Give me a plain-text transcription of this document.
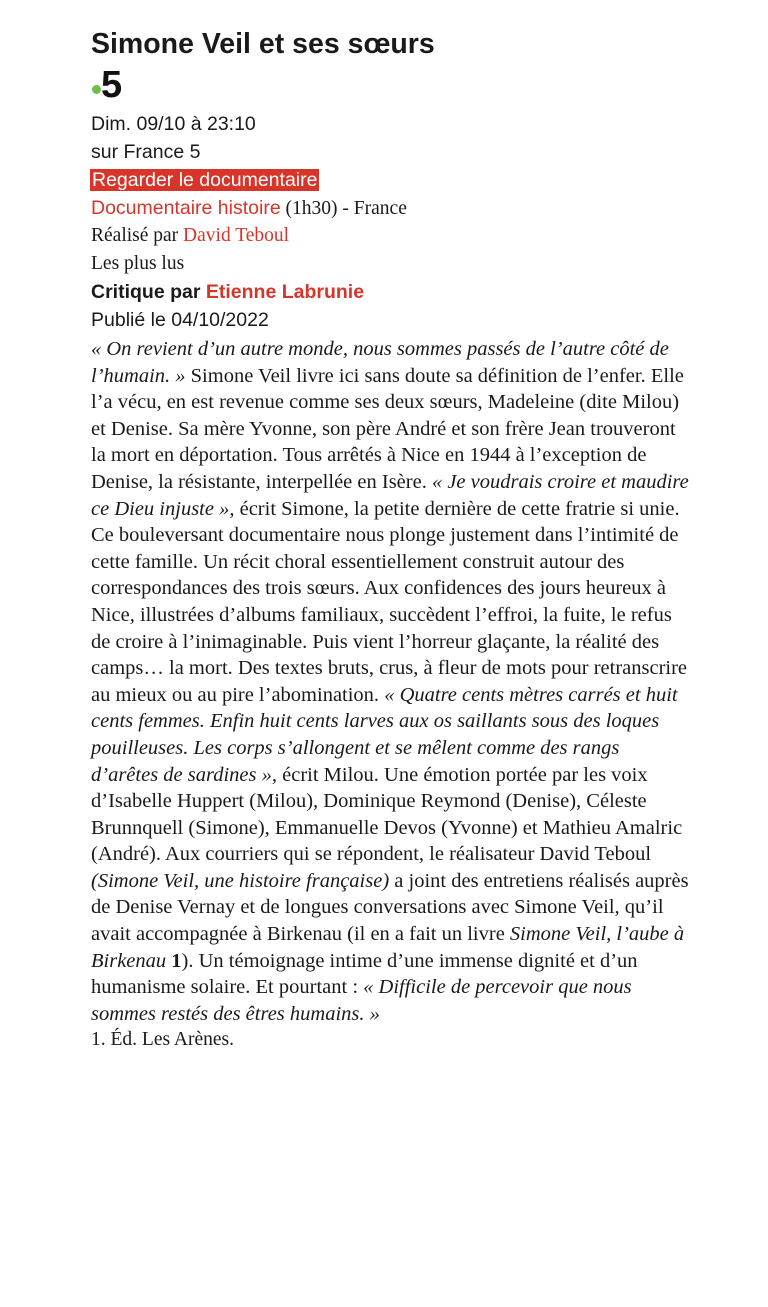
Simone Veil et ses sœurs
5
Dim. 09/10 à 23:10
sur France 5
Regarder le documentaire
Documentaire histoire (1h30) - France
Réalisé par David Teboul
Les plus lus
Critique par Etienne Labrunie
Publié le 04/10/2022

« On revient d’un autre monde, nous sommes passés de l’autre côté de l’humain. » Simone Veil livre ici sans doute sa définition de l’enfer. Elle l’a vécu, en est revenue comme ses deux sœurs, Madeleine (dite Milou) et Denise. Sa mère Yvonne, son père André et son frère Jean trouveront la mort en déportation. Tous arrêtés à Nice en 1944 à l’exception de Denise, la résistante, interpellée en Isère. « Je voudrais croire et maudire ce Dieu injuste », écrit Simone, la petite dernière de cette fratrie si unie.

Ce bouleversant documentaire nous plonge justement dans l’intimité de cette famille. Un récit choral essentiellement construit autour des correspondances des trois sœurs. Aux confidences des jours heureux à Nice, illustrées d’albums familiaux, succèdent l’effroi, la fuite, le refus de croire à l’inimaginable. Puis vient l’horreur glaçante, la réalité des camps… la mort. Des textes bruts, crus, à fleur de mots pour retranscrire au mieux ou au pire l’abomination. « Quatre cents mètres carrés et huit cents femmes. Enfin huit cents larves aux os saillants sous des loques pouilleuses. Les corps s’allongent et se mêlent comme des rangs d’arêtes de sardines », écrit Milou. Une émotion portée par les voix d’Isabelle Huppert (Milou), Dominique Reymond (Denise), Céleste Brunnquell (Simone), Emmanuelle Devos (Yvonne) et Mathieu Amalric (André). Aux courriers qui se répondent, le réalisateur David Teboul (Simone Veil, une histoire française) a joint des entretiens réalisés auprès de Denise Vernay et de longues conversations avec Simone Veil, qu’il avait accompagnée à Birkenau (il en a fait un livre Simone Veil, l’aube à Birkenau 1). Un témoignage intime d’une immense dignité et d’un humanisme solaire. Et pourtant : « Difficile de percevoir que nous sommes restés des êtres humains. »

1. Éd. Les Arènes.
